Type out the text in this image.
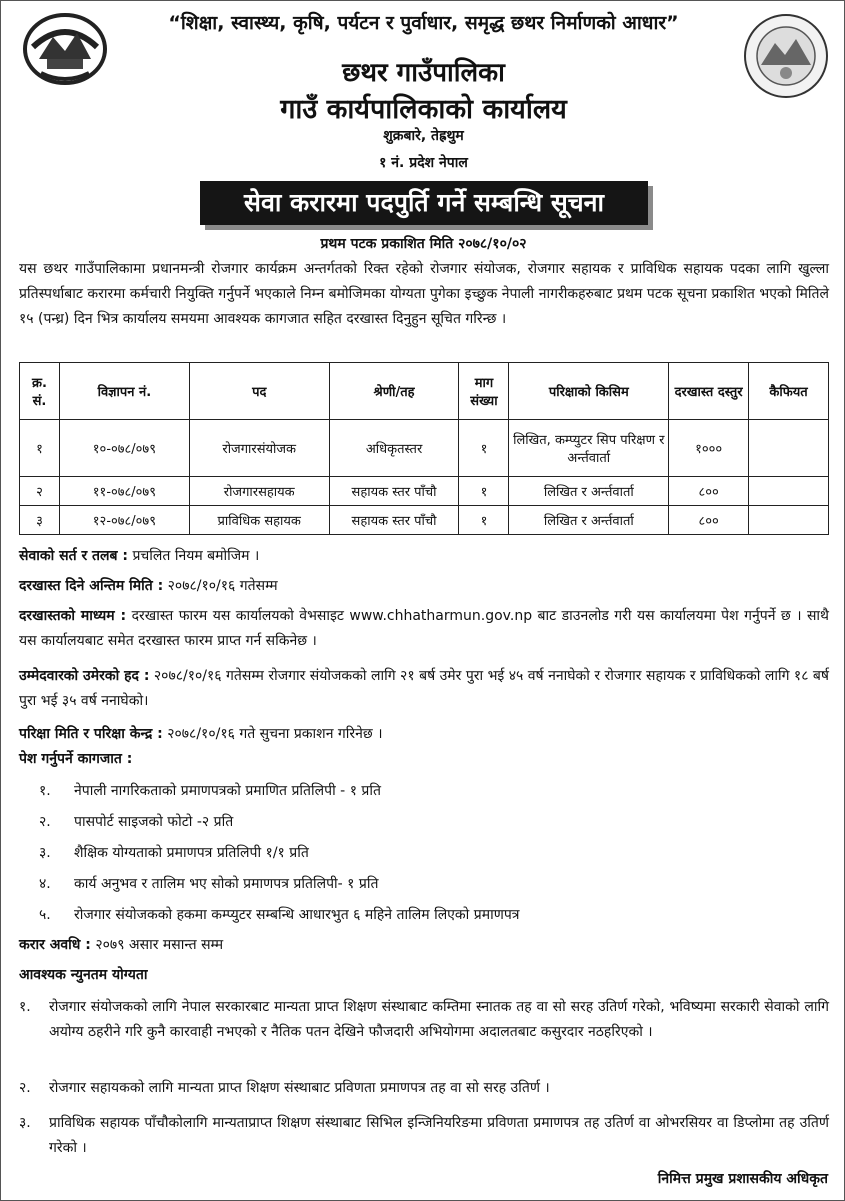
“शिक्षा, स्वास्थ्य, कृषि, पर्यटन र पुर्वाधार, समृद्ध छथर निर्माणको आधार”
छथर गाउँपालिका
गाउँ कार्यपालिकाको कार्यालय
शुक्रबारे, तेह्रथुम
१ नं. प्रदेश नेपाल
सेवा करारमा पदपुर्ति गर्ने सम्बन्धि सूचना
प्रथम पटक प्रकाशित मिति २०७८/१०/०२
यस छथर गाउँपालिकामा प्रधानमन्त्री रोजगार कार्यक्रम अन्तर्गतको रिक्त रहेको रोजगार संयोजक, रोजगार सहायक र प्राविधिक सहायक पदका लागि खुल्ला प्रतिस्पर्धाबाट करारमा कर्मचारी नियुक्ति गर्नुपर्ने भएकाले निम्न बमोजिमका योग्यता पुगेका इच्छुक नेपाली नागरीकहरुबाट प्रथम पटक सूचना प्रकाशित भएको मितिले १५ (पन्ध्र) दिन भित्र कार्यालय समयमा आवश्यक कागजात सहित दरखास्त दिनुहुन सूचित गरिन्छ ।
क्र. सं.	विज्ञापन नं.	पद	श्रेणी/तह	माग संख्या	परिक्षाको किसिम	दरखास्त दस्तुर	कैफियत
१	१०-०७८/०७९	रोजगारसंयोजक	अधिकृतस्तर	१	लिखित, कम्प्युटर सिप परिक्षण र अर्न्तवार्ता	१०००	
२	११-०७८/०७९	रोजगारसहायक	सहायक स्तर पाँचौ	१	लिखित र अर्न्तवार्ता	८००	
३	१२-०७८/०७९	प्राविधिक सहायक	सहायक स्तर पाँचौ	१	लिखित र अर्न्तवार्ता	८००	
सेवाको सर्त र तलब : प्रचलित नियम बमोजिम ।
दरखास्त दिने अन्तिम मिति : २०७८/१०/१६ गतेसम्म
दरखास्तको माध्यम : दरखास्त फारम यस कार्यालयको वेभसाइट www.chhatharmun.gov.np बाट डाउनलोड गरी यस कार्यालयमा पेश गर्नुपर्ने छ । साथै यस कार्यालयबाट समेत दरखास्त फारम प्राप्त गर्न सकिनेछ ।
उम्मेदवारको उमेरको हद : २०७८/१०/१६ गतेसम्म रोजगार संयोजकको लागि २१ बर्ष उमेर पुरा भई ४५ वर्ष ननाघेको र रोजगार सहायक र प्राविधिकको लागि १८ बर्ष पुरा भई ३५ वर्ष ननाघेको।
परिक्षा मिति र परिक्षा केन्द्र : २०७८/१०/१६ गते सुचना प्रकाशन गरिनेछ ।
पेश गर्नुपर्ने कागजात :
१. नेपाली नागरिकताको प्रमाणपत्रको प्रमाणित प्रतिलिपी - १ प्रति
२. पासपोर्ट साइजको फोटो -२ प्रति
३. शैक्षिक योग्यताको प्रमाणपत्र प्रतिलिपी १/१ प्रति
४. कार्य अनुभव र तालिम भए सोको प्रमाणपत्र प्रतिलिपी- १ प्रति
५. रोजगार संयोजकको हकमा कम्प्युटर सम्बन्धि आधारभुत ६ महिने तालिम लिएको प्रमाणपत्र
करार अवधि : २०७९ असार मसान्त सम्म
आवश्यक न्युनतम योग्यता
१. रोजगार संयोजकको लागि नेपाल सरकारबाट मान्यता प्राप्त शिक्षण संस्थाबाट कम्तिमा स्नातक तह वा सो सरह उतिर्ण गरेको, भविष्यमा सरकारी सेवाको लागि अयोग्य ठहरीने गरि कुनै कारवाही नभएको र नैतिक पतन देखिने फौजदारी अभियोगमा अदालतबाट कसुरदार नठहरिएको ।
२. रोजगार सहायकको लागि मान्यता प्राप्त शिक्षण संस्थाबाट प्रविणता प्रमाणपत्र तह वा सो सरह उतिर्ण ।
३. प्राविधिक सहायक पाँचौकोलागि मान्यताप्राप्त शिक्षण संस्थाबाट सिभिल इन्जिनियरिङमा प्रविणता प्रमाणपत्र तह उतिर्ण वा ओभरसियर वा डिप्लोमा तह उतिर्ण गरेको ।
निमित्त प्रमुख प्रशासकीय अधिकृत
